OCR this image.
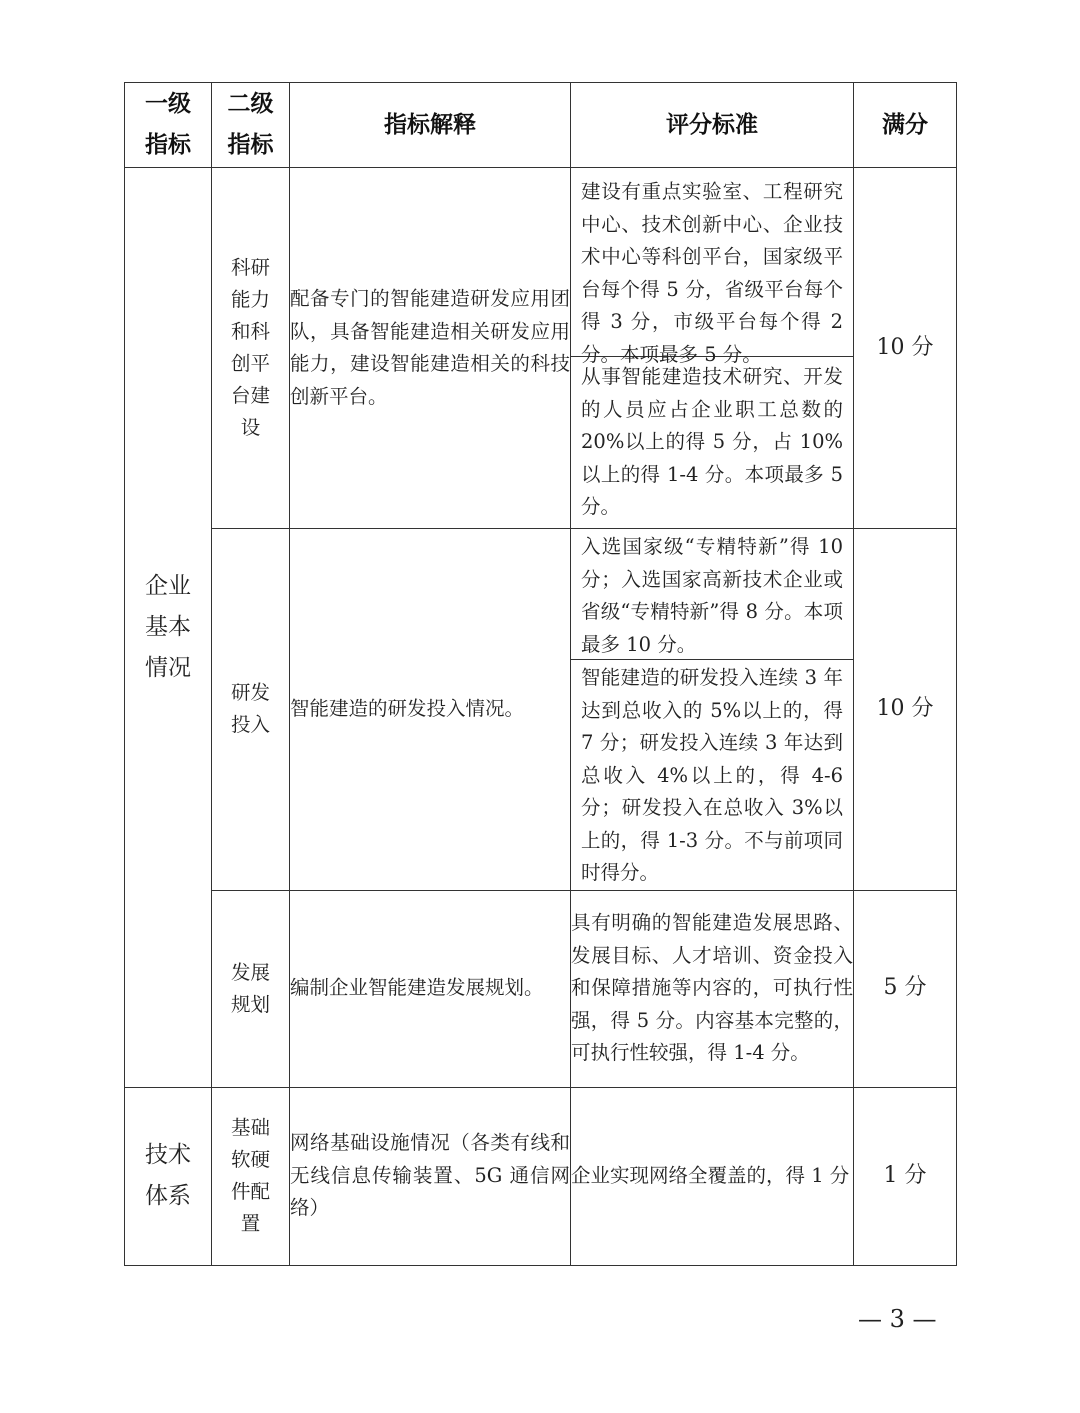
一级指标	二级指标	指标解释	评分标准	满分

企业基本情况	科研能力和科创平台建设	配备专门的智能建造研发应用团队，具备智能建造相关研发应用能力，建设智能建造相关的科技创新平台。	建设有重点实验室、工程研究中心、技术创新中心、企业技术中心等科创平台，国家级平台每个得 5 分，省级平台每个得 3 分，市级平台每个得 2 分。本项最多 5 分。
从事智能建造技术研究、开发的人员应占企业职工总数的 20%以上的得 5 分，占 10%以上的得 1-4 分。本项最多 5 分。	10 分

	研发投入	智能建造的研发投入情况。	入选国家级“专精特新”得 10 分；入选国家高新技术企业或省级“专精特新”得 8 分。本项最多 10 分。
智能建造的研发投入连续 3 年达到总收入的 5%以上的，得 7 分；研发投入连续 3 年达到总收入 4%以上的，得 4-6 分；研发投入在总收入 3%以上的，得 1-3 分。不与前项同时得分。	10 分

	发展规划	编制企业智能建造发展规划。	具有明确的智能建造发展思路、发展目标、人才培训、资金投入和保障措施等内容的，可执行性强，得 5 分。内容基本完整的，可执行性较强，得 1-4 分。	5 分

技术体系	基础软硬件配置	网络基础设施情况（各类有线和无线信息传输装置、5G 通信网络）	企业实现网络全覆盖的，得 1 分	1 分
— 3 —
